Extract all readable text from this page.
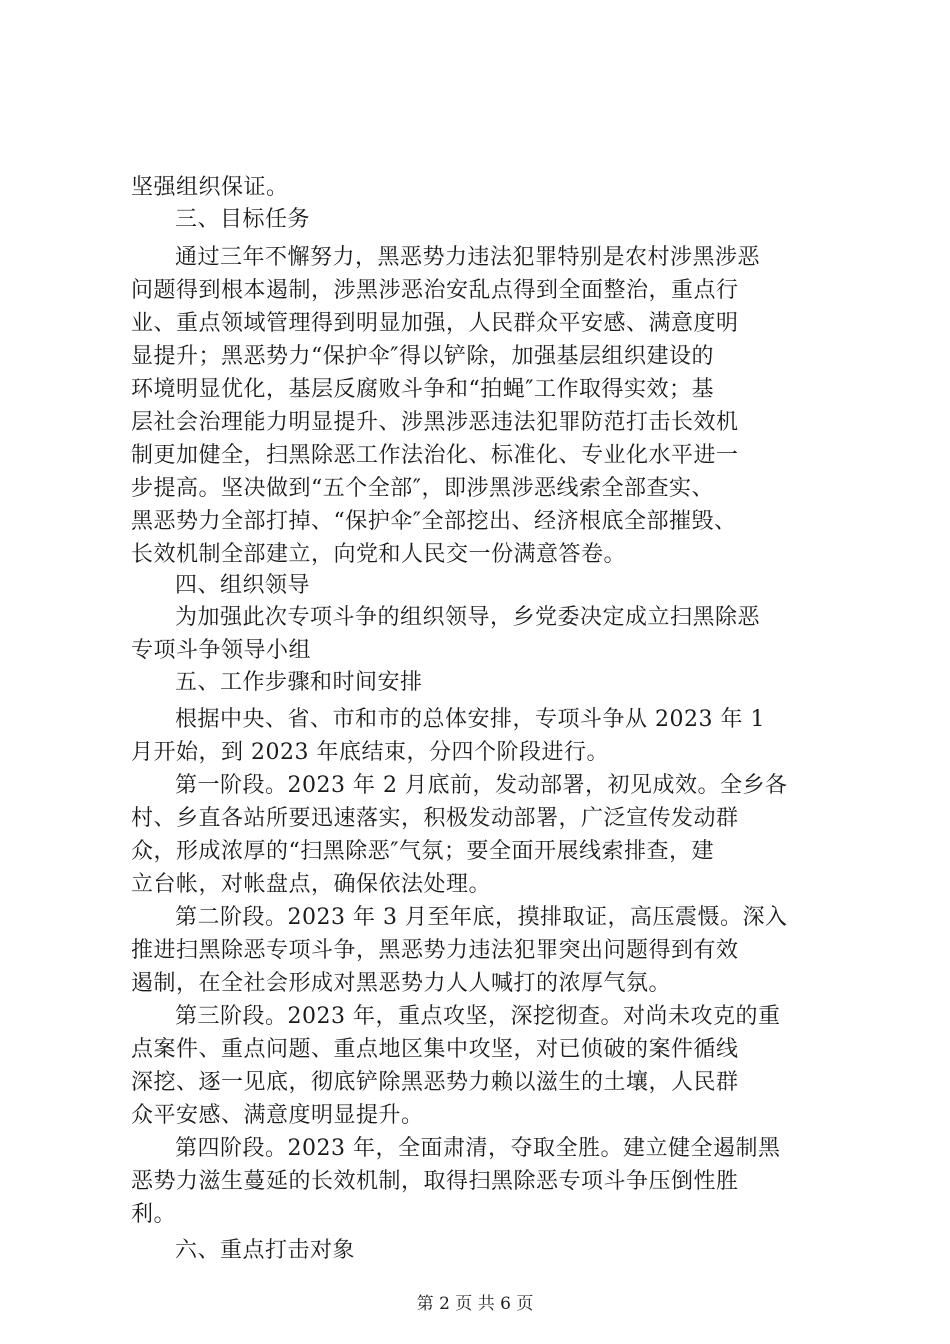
坚强组织保证。
三、目标任务
通过三年不懈努力，黑恶势力违法犯罪特别是农村涉黑涉恶
问题得到根本遏制，涉黑涉恶治安乱点得到全面整治，重点行
业、重点领域管理得到明显加强，人民群众平安感、满意度明
显提升；黑恶势力“保护伞″得以铲除，加强基层组织建设的
环境明显优化，基层反腐败斗争和“拍蝇″工作取得实效；基
层社会治理能力明显提升、涉黑涉恶违法犯罪防范打击长效机
制更加健全，扫黑除恶工作法治化、标准化、专业化水平进一
步提高。坚决做到“五个全部″，即涉黑涉恶线索全部查实、
黑恶势力全部打掉、“保护伞″全部挖出、经济根底全部摧毁、
长效机制全部建立，向党和人民交一份满意答卷。
四、组织领导
为加强此次专项斗争的组织领导，乡党委决定成立扫黑除恶
专项斗争领导小组
五、工作步骤和时间安排
根据中央、省、市和市的总体安排，专项斗争从 2023 年 1
月开始，到 2023 年底结束，分四个阶段进行。
第一阶段。2023 年 2 月底前，发动部署，初见成效。全乡各
村、乡直各站所要迅速落实，积极发动部署，广泛宣传发动群
众，形成浓厚的“扫黑除恶″气氛；要全面开展线索排查，建
立台帐，对帐盘点，确保依法处理。
第二阶段。2023 年 3 月至年底，摸排取证，高压震慑。深入
推进扫黑除恶专项斗争，黑恶势力违法犯罪突出问题得到有效
遏制，在全社会形成对黑恶势力人人喊打的浓厚气氛。
第三阶段。2023 年，重点攻坚，深挖彻查。对尚未攻克的重
点案件、重点问题、重点地区集中攻坚，对已侦破的案件循线
深挖、逐一见底，彻底铲除黑恶势力赖以滋生的土壤，人民群
众平安感、满意度明显提升。
第四阶段。2023 年，全面肃清，夺取全胜。建立健全遏制黑
恶势力滋生蔓延的长效机制，取得扫黑除恶专项斗争压倒性胜
利。
六、重点打击对象
第 2 页 共 6 页
